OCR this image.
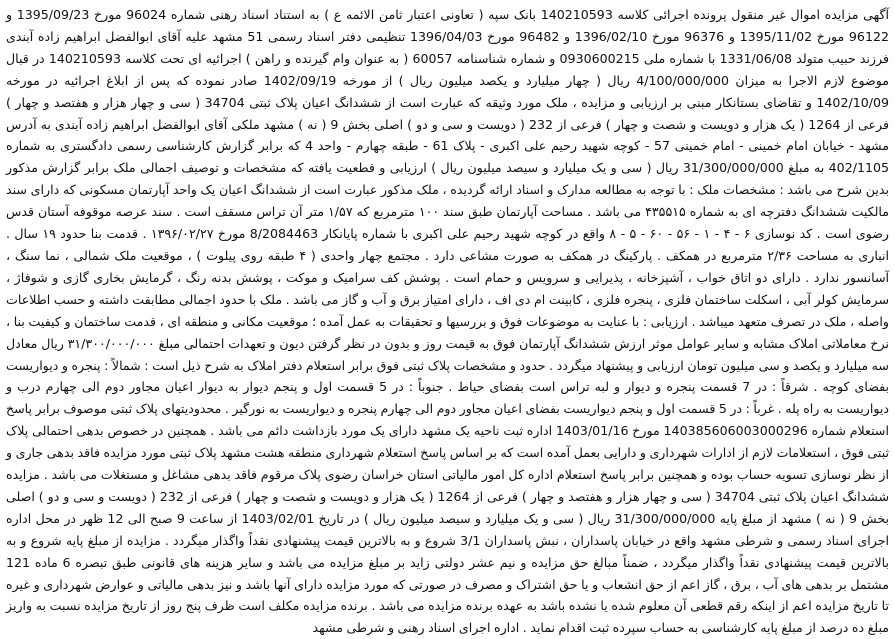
آگهی مزایده اموال غیر منقول پرونده اجرائی کلاسه 140210593 بانک سپه ( تعاونی اعتبار ثامن الائمه ع ) به استناد اسناد رهنی شماره 96024 مورخ 1395/09/23 و 96122 مورخ 1395/11/02 و 96376 مورخ 1396/02/10 و 96482 مورخ 1396/04/03 تنظیمی دفتر اسناد رسمی 51 مشهد علیه آقای ابوالفضل ابراهیم زاده آبندی فرزند حبیب متولد 1331/06/08 با شماره ملی 0930600215 و شماره شناسنامه 60057 ( به عنوان وام گیرنده و راهن ) اجرائیه ای تحت کلاسه 140210593 در قبال موضوع لازم الاجرا به میزان 4/100/000/000 ریال ( چهار میلیارد و یکصد میلیون ریال ) از مورخه 1402/09/19 صادر نموده که پس از ابلاغ اجرائیه در مورخه 1402/10/09 و تقاضای بستانکار مبنی بر ارزیابی و مزایده ، ملک مورد وثیقه که عبارت است از ششدانگ اعیان پلاک ثبتی 34704 ( سی و چهار هزار و هفتصد و چهار ) فرعی از 1264 ( یک هزار و دویست و شصت و چهار ) فرعی از 232 ( دویست و سی و دو ) اصلی بخش 9 ( نه ) مشهد ملکی آقای ابوالفضل ابراهیم زاده آبندی به آدرس مشهد - خیابان امام خمینی - امام خمینی 57 - کوچه شهید رحیم علی اکبری - پلاک 61 - طبقه چهارم - واحد 4 که برابر گزارش کارشناسی رسمی دادگستری به شماره 402/1105 به مبلغ 31/300/000/000 ریال ( سی و یک میلیارد و سیصد میلیون ریال ) ارزیابی و قطعیت یافته که مشخصات و توصیف اجمالی ملک برابر گزارش مذکور بدین شرح می باشد : مشخصات ملک : با توجه به مطالعه مدارک و اسناد ارائه گردیده ، ملک مذکور عبارت است از ششدانگ اعیان یک واحد آپارتمان مسکونی که دارای سند مالکیت ششدانگ دفترچه ای به شماره ۴۳۵۵۱۵ می باشد . مساحت آپارتمان طبق سند ۱۰۰ مترمربع که ۱/۵۷ متر آن تراس مسقف است . سند عرصه موقوفه آستان قدس رضوی است . کد نوسازی ۶ - ۴ - ۱ - ۵۶ - ۶۰ - ۵ - ۸ واقع در کوچه شهید رحیم علی اکبری با شماره پایانکار 8/2084463 مورخ ۱۳۹۶/۰۲/۲۷ . قدمت بنا حدود ۱۹ سال . انباری به مساحت ۲/۳۶ مترمربع در همکف . پارکینگ در همکف به صورت مشاعی دارد . مجتمع چهار واحدی ( ۴ طبقه روی پیلوت ) ، موقعیت ملک شمالی ، نما سنگ ، آسانسور ندارد . دارای دو اتاق خواب ، آشپزخانه ، پذیرایی و سرویس و حمام است . پوشش کف سرامیک و موکت ، پوشش بدنه رنگ ، گرمایش بخاری گازی و شوفاژ ، سرمایش کولر آبی ، اسکلت ساختمان فلزی ، پنجره فلزی ، کابینت ام دی اف ، دارای امتیاز برق و آب و گاز می باشد . ملک با حدود اجمالی مطابقت داشته و حسب اطلاعات واصله ، ملک در تصرف متعهد میباشد . ارزیابی : با عنایت به موضوعات فوق و بررسیها و تحقیقات به عمل آمده ؛ موقعیت مکانی و منطقه ای ، قدمت ساختمان و کیفیت بنا ، نرخ معاملاتی املاک مشابه و سایر عوامل موثر ارزش ششدانگ آپارتمان فوق به قیمت روز و بدون در نظر گرفتن دیون و تعهدات احتمالی مبلغ ۳۱/۳۰۰/۰۰۰/۰۰۰ ریال معادل سه میلیارد و یکصد و سی میلیون تومان ارزیابی و پیشنهاد میگردد . حدود و مشخصات پلاک ثبتی فوق برابر استعلام دفتر املاک به شرح ذیل است : شمالاً : پنجره و دیواریست بفضای کوچه . شرقاً : در 7 قسمت پنجره و دیوار و لبه تراس است بفضای حیاط . جنوباً : در 5 قسمت اول و پنجم دیوار به دیوار اعیان مجاور دوم الی چهارم درب و دیواریست به راه پله . غرباً : در 5 قسمت اول و پنجم دیواریست بفضای اعیان مجاور دوم الی چهارم پنجره و دیواریست به نورگیر . محدودیتهای پلاک ثبتی موصوف برابر پاسخ استعلام شماره 140385606003000296 مورخ 1403/01/16 اداره ثبت ناحیه یک مشهد دارای یک مورد بازداشت دائم می باشد . همچنین در خصوص بدهی احتمالی پلاک ثبتی فوق ، استعلامات لازم از ادارات شهرداری و دارایی بعمل آمده است که بر اساس پاسخ استعلام شهرداری منطقه هشت مشهد پلاک ثبتی مورد مزایده فاقد بدهی جاری و از نظر نوسازی تسویه حساب بوده و همچنین برابر پاسخ استعلام اداره کل امور مالیاتی استان خراسان رضوی پلاک مرقوم فاقد بدهی مشاغل و مستغلات می باشد . مزایده ششدانگ اعیان پلاک ثبتی 34704 ( سی و چهار هزار و هفتصد و چهار ) فرعی از 1264 ( یک هزار و دویست و شصت و چهار ) فرعی از 232 ( دویست و سی و دو ) اصلی بخش 9 ( نه ) مشهد از مبلغ پایه 31/300/000/000 ریال ( سی و یک میلیارد و سیصد میلیون ریال ) در تاریخ 1403/02/01 از ساعت 9 صبح الی 12 ظهر در محل اداره اجرای اسناد رسمی و شرطی مشهد واقع در خیابان پاسداران ، نبش پاسداران 3/1 شروع و به بالاترین قیمت پیشنهادی نقداً واگذار میگردد . مزایده از مبلغ پایه شروع و به بالاترین قیمت پیشنهادی نقداً واگذار میگردد ، ضمناً مبالغ حق مزایده و نیم عشر دولتی زاید بر مبلغ مزایده می باشد و سایر هزینه های قانونی طبق تبصره 6 ماده 121 مشتمل بر بدهی های آب ، برق ، گاز اعم از حق انشعاب و یا حق اشتراک و مصرف در صورتی که مورد مزایده دارای آنها باشد و نیز بدهی مالیاتی و عوارض شهرداری و غیره تا تاریخ مزایده اعم از اینکه رقم قطعی آن معلوم شده یا نشده باشد به عهده برنده مزایده می باشد . برنده مزایده مکلف است ظرف پنج روز از تاریخ مزایده نسبت به واریز مبلغ ده درصد از مبلغ پایه کارشناسی به حساب سپرده ثبت اقدام نماید . اداره اجرای اسناد رهنی و شرطی مشهد
